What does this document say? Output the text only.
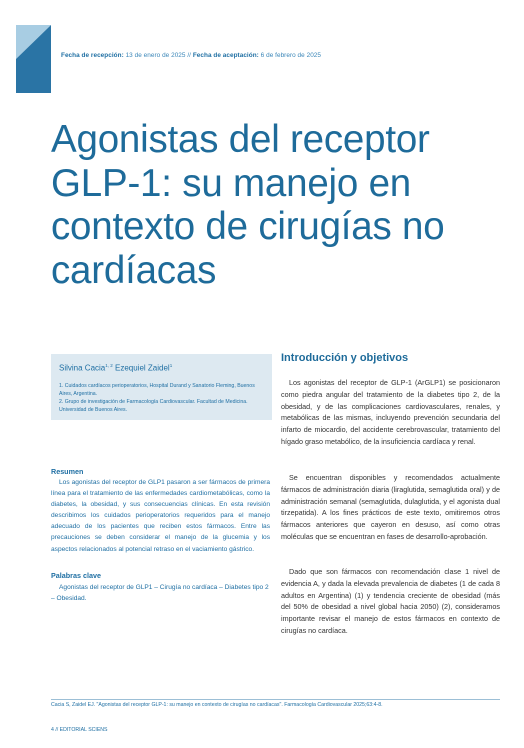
Fecha de recepción: 13 de enero de 2025 // Fecha de aceptación: 6 de febrero de 2025
Agonistas del receptor GLP-1: su manejo en contexto de cirugías no cardíacas
Silvina Cacia$^{1, 2}$ Ezequiel Zaidel$^1$

1. Cuidados cardíacos perioperatorios, Hospital Durand y Sanatorio Fleming, Buenos Aires, Argentina.

2. Grupo de investigación de Farmacología Cardiovascular. Facultad de Medicina. Universidad de Buenos Aires.

Resumen

Los agonistas del receptor de GLP1 pasaron a ser fármacos de primera línea para el tratamiento de las enfermedades cardiometabólicas, como la diabetes, la obesidad, y sus consecuencias clínicas. En esta revisión describimos los cuidados perioperatorios requeridos para el manejo adecuado de los pacientes que reciben estos fármacos. Entre las precauciones se deben considerar el manejo de la glucemia y los aspectos relacionados al potencial retraso en el vaciamiento gástrico.

Palabras clave

Agonistas del receptor de GLP1 – Cirugía no cardíaca – Diabetes tipo 2 – Obesidad.

Introducción y objetivos

Los agonistas del receptor de GLP-1 (ArGLP1) se posicionaron como piedra angular del tratamiento de la diabetes tipo 2, de la obesidad, y de las complicaciones cardiovasculares, renales, y metabólicas de las mismas, incluyendo prevención secundaria del infarto de miocardio, del accidente cerebrovascular, tratamiento del hígado graso metabólico, de la insuficiencia cardíaca y renal.

Se encuentran disponibles y recomendados actualmente fármacos de administración diaria (liraglutida, semaglutida oral) y de administración semanal (semaglutida, dulaglutida, y el agonista dual tirzepatida). A los fines prácticos de este texto, omitiremos otros fármacos anteriores que cayeron en desuso, así como otras moléculas que se encuentran en fases de desarrollo-aprobación.

Dado que son fármacos con recomendación clase 1 nivel de evidencia A, y dada la elevada prevalencia de diabetes (1 de cada 8 adultos en Argentina) (1) y tendencia creciente de obesidad (más del 50% de obesidad a nivel global hacia 2050) (2), consideramos importante revisar el manejo de estos fármacos en contexto de cirugías no cardíaca.

Cacia S, Zaidel EJ. "Agonistas del receptor GLP-1: su manejo en contexto de cirugías no cardíacas". Farmacología Cardiovascular 2025;63:4-8.
4 // EDITORIAL SCIENS
